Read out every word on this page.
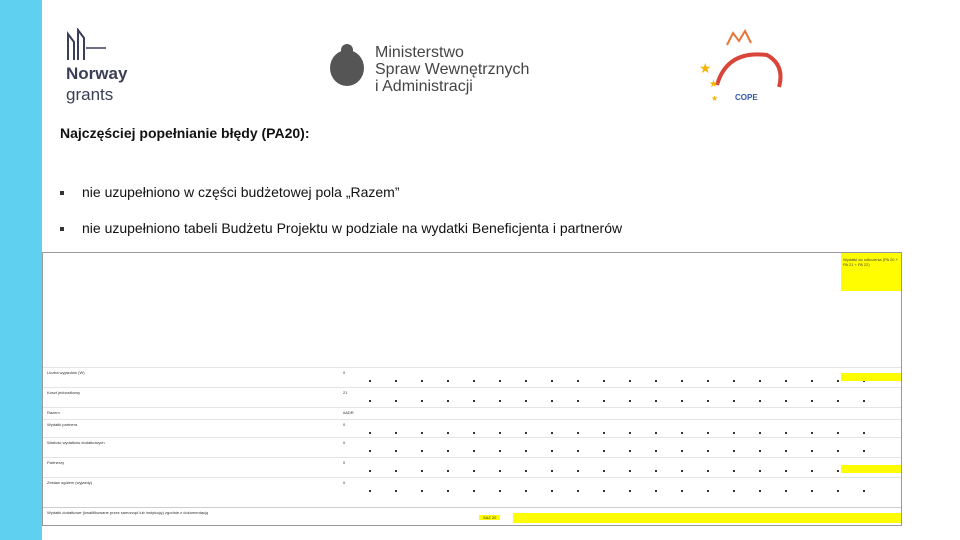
Norway
grants
Ministerstwo
Spraw Wewnętrznych
i Administracji
★
★
★ COPE
Najczęściej popełnianie błędy (PA20):
nie uzupełniono w części budżetowej pola „Razem”
nie uzupełniono tabeli Budżetu Projektu w podziale na wydatki Beneficjenta i partnerów
Wydatki do odliczenia (PA 20 + PA 21 + PA 22)
Liczba wyjazdów (W)	0
Koszt jednostkowy	21
Razem	#ADR
Wydatki partnera	0
Wartość wydatków dodatkowych	0
Partnerzy	0
Zestaw ogółem (wyjazdy)	0
Wydatki dodatkowe (kwalifikowane przez samorząd lub instytucję) zgodnie z dokumentacją
SAZ 20
